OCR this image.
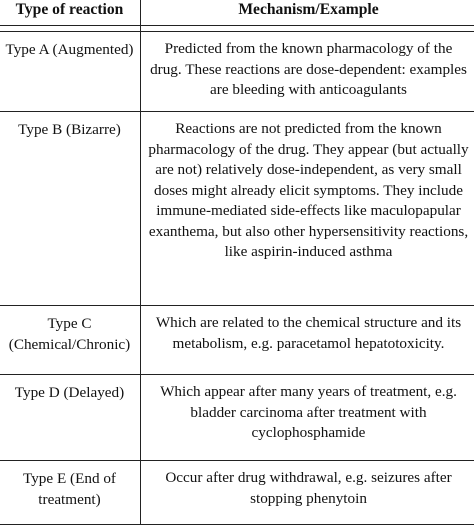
Type of reaction	Mechanism/Example

Type A (Augmented)	Predicted from the known pharmacology of the drug. These reactions are dose-dependent: examples are bleeding with anticoagulants
Type B (Bizarre)	Reactions are not predicted from the known pharmacology of the drug. They appear (but actually are not) relatively dose-independent, as very small doses might already elicit symptoms. They include immune-mediated side-effects like maculopapular exanthema, but also other hypersensitivity reactions, like aspirin-induced asthma
Type C (Chemical/Chronic)	Which are related to the chemical structure and its metabolism, e.g. paracetamol hepatotoxicity.
Type D (Delayed)	Which appear after many years of treatment, e.g. bladder carcinoma after treatment with cyclophosphamide
Type E (End of treatment)	Occur after drug withdrawal, e.g. seizures after stopping phenytoin
